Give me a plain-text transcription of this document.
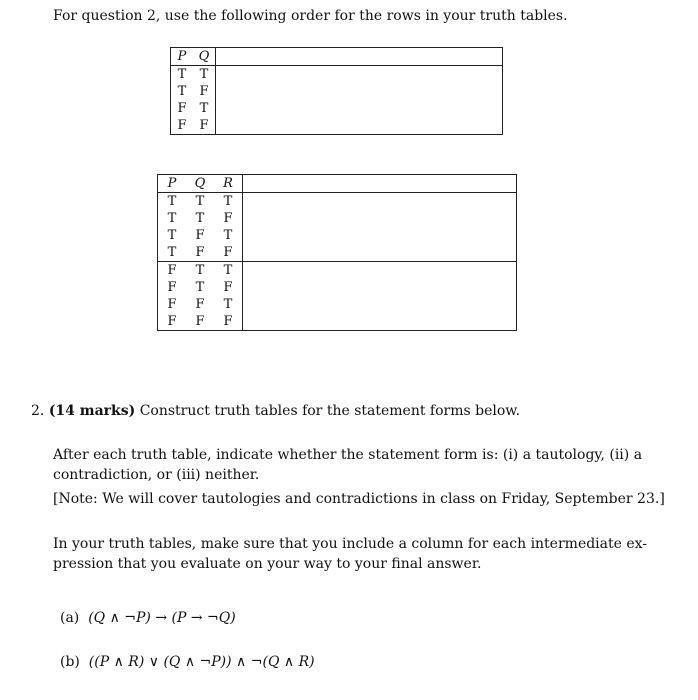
For question 2, use the following order for the rows in your truth tables.
P	Q	
T	T	
T	F	
F	T	
F	F	
P	Q	R	
T	T	T	
T	T	F	
T	F	T	
T	F	F	
F	T	T	
F	T	F	
F	F	T	
F	F	F	
2. (14 marks) Construct truth tables for the statement forms below.
After each truth table, indicate whether the statement form is: (i) a tautology, (ii) a
contradiction, or (iii) neither.
[Note: We will cover tautologies and contradictions in class on Friday, September 23.]
In your truth tables, make sure that you include a column for each intermediate ex-
pression that you evaluate on your way to your final answer.
(a) (Q ∧ ¬P) → (P → ¬Q)
(b) ((P ∧ R) ∨ (Q ∧ ¬P)) ∧ ¬(Q ∧ R)
